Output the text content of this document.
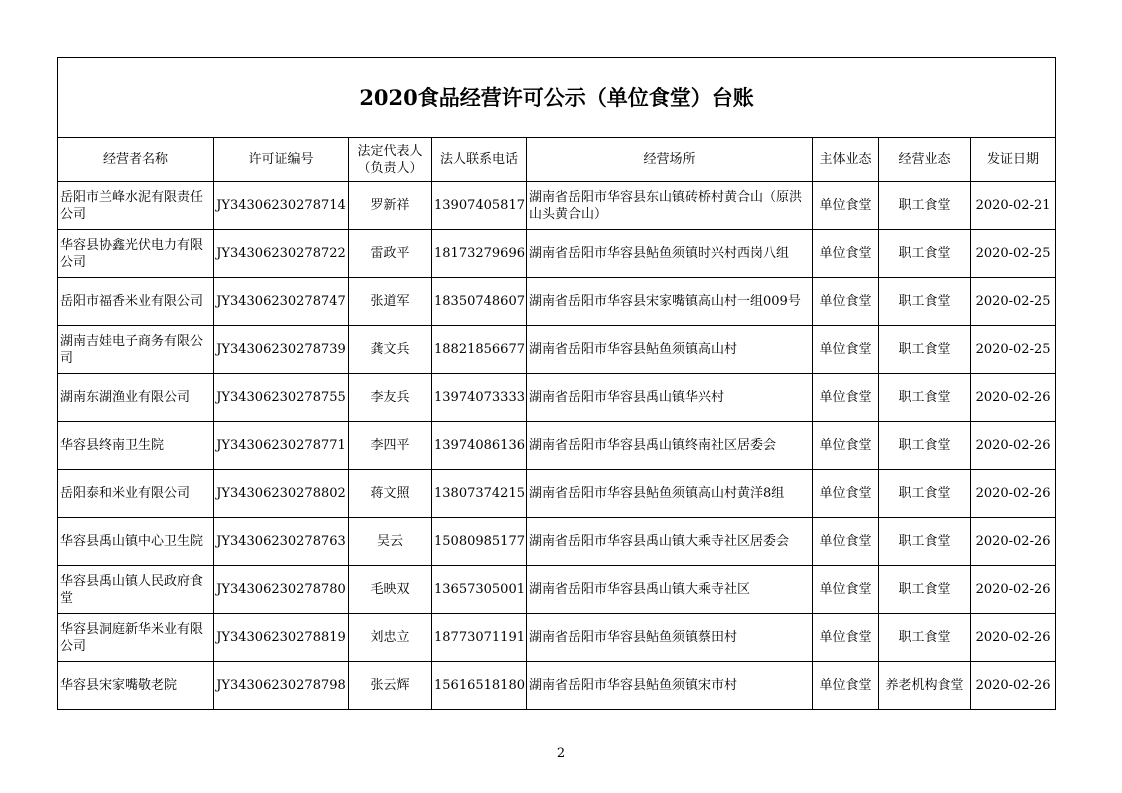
2020食品经营许可公示（单位食堂）台账							
经营者名称	许可证编号	法定代表人（负责人）	法人联系电话	经营场所	主体业态	经营业态	发证日期
岳阳市兰峰水泥有限责任公司	JY34306230278714	罗新祥	13907405817	湖南省岳阳市华容县东山镇砖桥村黄合山（原洪山头黄合山）	单位食堂	职工食堂	2020-02-21
华容县协鑫光伏电力有限公司	JY34306230278722	雷政平	18173279696	湖南省岳阳市华容县鲇鱼须镇时兴村西岗八组	单位食堂	职工食堂	2020-02-25
岳阳市福香米业有限公司	JY34306230278747	张道军	18350748607	湖南省岳阳市华容县宋家嘴镇高山村一组009号	单位食堂	职工食堂	2020-02-25
湖南吉娃电子商务有限公司	JY34306230278739	龚文兵	18821856677	湖南省岳阳市华容县鲇鱼须镇高山村	单位食堂	职工食堂	2020-02-25
湖南东湖渔业有限公司	JY34306230278755	李友兵	13974073333	湖南省岳阳市华容县禹山镇华兴村	单位食堂	职工食堂	2020-02-26
华容县终南卫生院	JY34306230278771	李四平	13974086136	湖南省岳阳市华容县禹山镇终南社区居委会	单位食堂	职工食堂	2020-02-26
岳阳泰和米业有限公司	JY34306230278802	蒋文照	13807374215	湖南省岳阳市华容县鲇鱼须镇高山村黄洋8组	单位食堂	职工食堂	2020-02-26
华容县禹山镇中心卫生院	JY34306230278763	吴云	15080985177	湖南省岳阳市华容县禹山镇大乘寺社区居委会	单位食堂	职工食堂	2020-02-26
华容县禹山镇人民政府食堂	JY34306230278780	毛映双	13657305001	湖南省岳阳市华容县禹山镇大乘寺社区	单位食堂	职工食堂	2020-02-26
华容县洞庭新华米业有限公司	JY34306230278819	刘忠立	18773071191	湖南省岳阳市华容县鲇鱼须镇蔡田村	单位食堂	职工食堂	2020-02-26
华容县宋家嘴敬老院	JY34306230278798	张云辉	15616518180	湖南省岳阳市华容县鲇鱼须镇宋市村	单位食堂	养老机构食堂	2020-02-26
2
